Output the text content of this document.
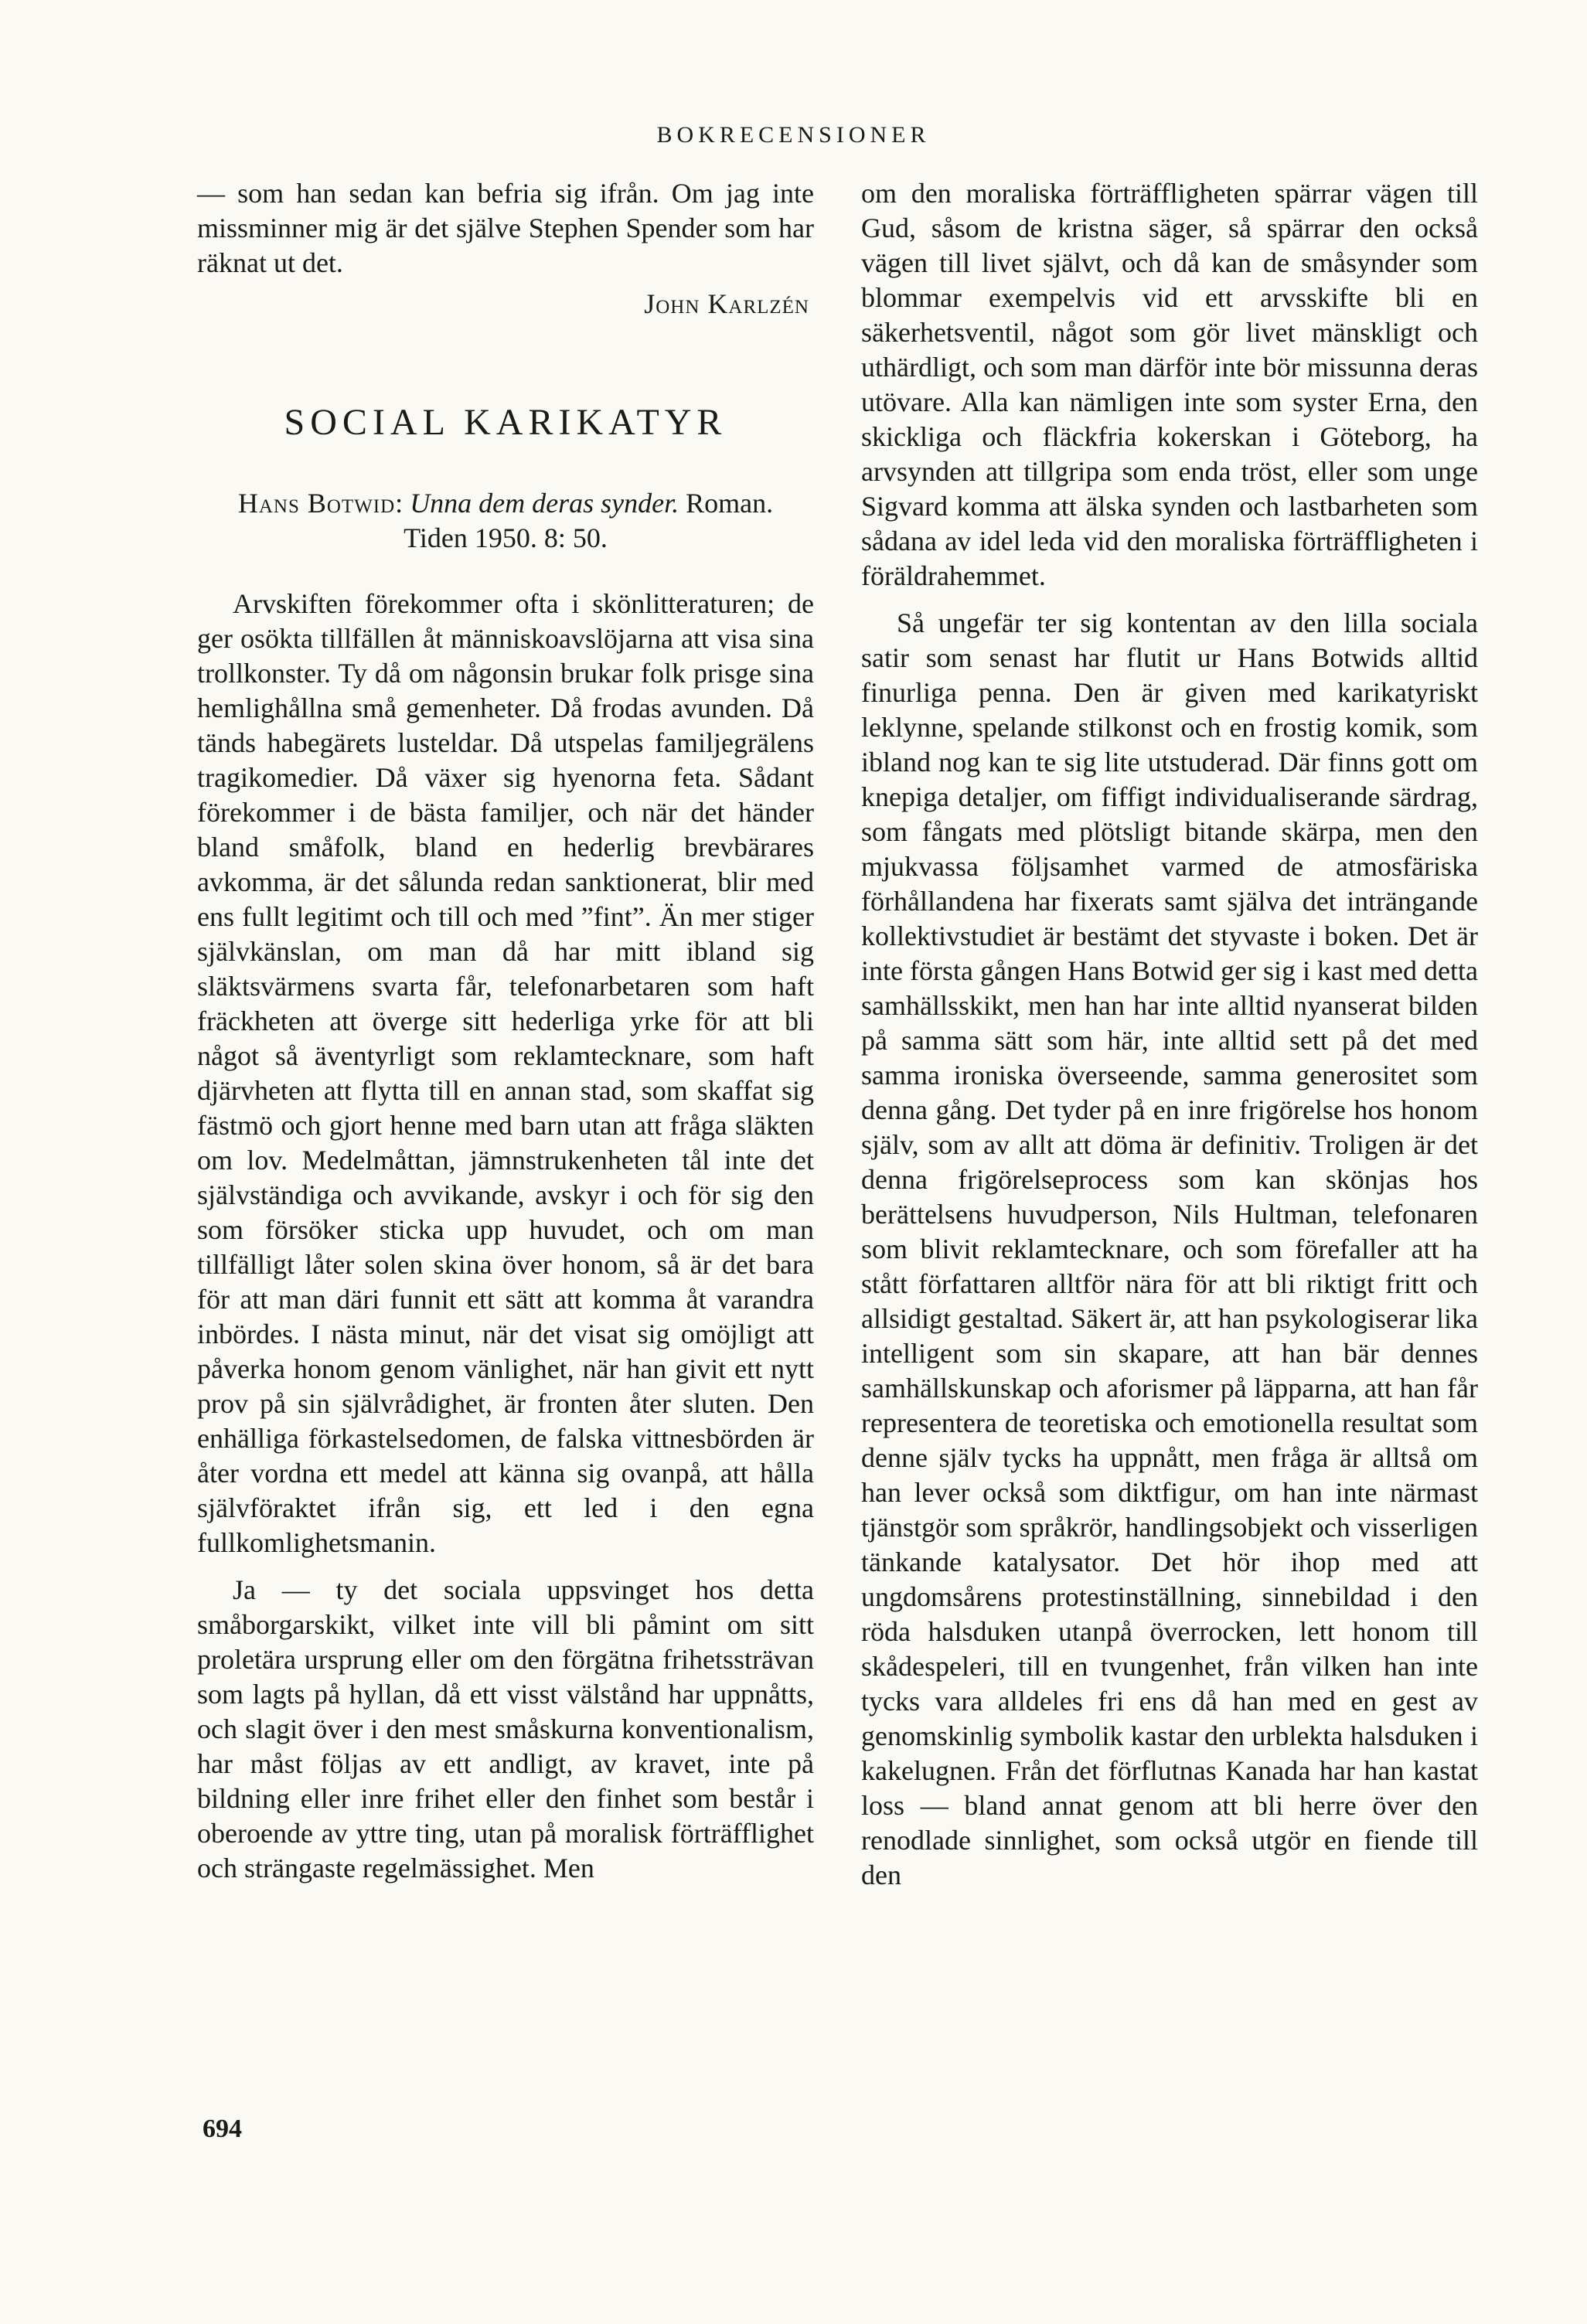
BOKRECENSIONER

— som han sedan kan befria sig ifrån. Om jag inte missminner mig är det själve Stephen Spender som har räknat ut det.

John Karlzén

SOCIAL KARIKATYR

Hans Botwid: Unna dem deras synder. Roman.
Tiden 1950. 8: 50.

Arvskiften förekommer ofta i skönlitteraturen; de ger osökta tillfällen åt människoavslöjarna att visa sina trollkonster. Ty då om någonsin brukar folk prisge sina hemlighållna små gemenheter. Då frodas avunden. Då tänds habegärets lusteldar. Då utspelas familjegrälens tragikomedier. Då växer sig hyenorna feta. Sådant förekommer i de bästa familjer, och när det händer bland småfolk, bland en hederlig brevbärares avkomma, är det sålunda redan sanktionerat, blir med ens fullt legitimt och till och med ”fint”. Än mer stiger självkänslan, om man då har mitt ibland sig släktsvärmens svarta får, telefonarbetaren som haft fräckheten att överge sitt hederliga yrke för att bli något så äventyrligt som reklamtecknare, som haft djärvheten att flytta till en annan stad, som skaffat sig fästmö och gjort henne med barn utan att fråga släkten om lov. Medelmåttan, jämnstrukenheten tål inte det självständiga och avvikande, avskyr i och för sig den som försöker sticka upp huvudet, och om man tillfälligt låter solen skina över honom, så är det bara för att man däri funnit ett sätt att komma åt varandra inbördes. I nästa minut, när det visat sig omöjligt att påverka honom genom vänlighet, när han givit ett nytt prov på sin självrådighet, är fronten åter sluten. Den enhälliga förkastelsedomen, de falska vittnesbörden är åter vordna ett medel att känna sig ovanpå, att hålla självföraktet ifrån sig, ett led i den egna fullkomlighetsmanin.

Ja — ty det sociala uppsvinget hos detta småborgarskikt, vilket inte vill bli påmint om sitt proletära ursprung eller om den förgätna frihetssträvan som lagts på hyllan, då ett visst välstånd har uppnåtts, och slagit över i den mest småskurna konventionalism, har måst följas av ett andligt, av kravet, inte på bildning eller inre frihet eller den finhet som består i oberoende av yttre ting, utan på moralisk förträfflighet och strängaste regelmässighet. Men

om den moraliska förträffligheten spärrar vägen till Gud, såsom de kristna säger, så spärrar den också vägen till livet självt, och då kan de småsynder som blommar exempelvis vid ett arvsskifte bli en säkerhetsventil, något som gör livet mänskligt och uthärdligt, och som man därför inte bör missunna deras utövare. Alla kan nämligen inte som syster Erna, den skickliga och fläckfria kokerskan i Göteborg, ha arvsynden att tillgripa som enda tröst, eller som unge Sigvard komma att älska synden och lastbarheten som sådana av idel leda vid den moraliska förträffligheten i föräldrahemmet.

Så ungefär ter sig kontentan av den lilla sociala satir som senast har flutit ur Hans Botwids alltid finurliga penna. Den är given med karikatyriskt leklynne, spelande stilkonst och en frostig komik, som ibland nog kan te sig lite utstuderad. Där finns gott om knepiga detaljer, om fiffigt individualiserande särdrag, som fångats med plötsligt bitande skärpa, men den mjukvassa följsamhet varmed de atmosfäriska förhållandena har fixerats samt själva det inträngande kollektivstudiet är bestämt det styvaste i boken. Det är inte första gången Hans Botwid ger sig i kast med detta samhällsskikt, men han har inte alltid nyanserat bilden på samma sätt som här, inte alltid sett på det med samma ironiska överseende, samma generositet som denna gång. Det tyder på en inre frigörelse hos honom själv, som av allt att döma är definitiv. Troligen är det denna frigörelseprocess som kan skönjas hos berättelsens huvudperson, Nils Hultman, telefonaren som blivit reklamtecknare, och som förefaller att ha stått författaren alltför nära för att bli riktigt fritt och allsidigt gestaltad. Säkert är, att han psykologiserar lika intelligent som sin skapare, att han bär dennes samhällskunskap och aforismer på läpparna, att han får representera de teoretiska och emotionella resultat som denne själv tycks ha uppnått, men fråga är alltså om han lever också som diktfigur, om han inte närmast tjänstgör som språkrör, handlingsobjekt och visserligen tänkande katalysator. Det hör ihop med att ungdomsårens protestinställning, sinnebildad i den röda halsduken utanpå överrocken, lett honom till skådespeleri, till en tvungenhet, från vilken han inte tycks vara alldeles fri ens då han med en gest av genomskinlig symbolik kastar den urblekta halsduken i kakelugnen. Från det förflutnas Kanada har han kastat loss — bland annat genom att bli herre över den renodlade sinnlighet, som också utgör en fiende till den

694
